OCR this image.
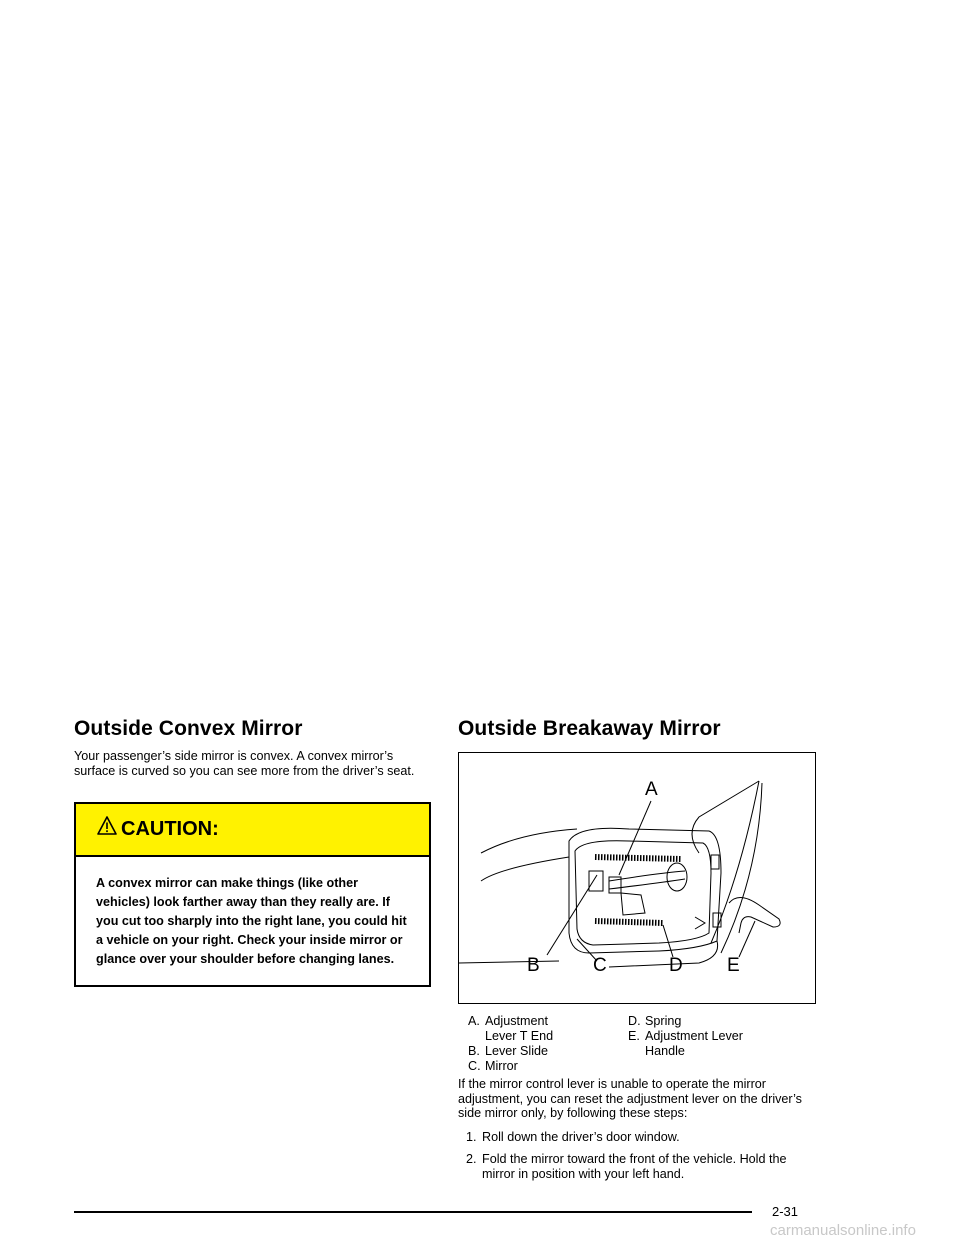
Outside Convex Mirror

Your passenger’s side mirror is convex. A convex mirror’s surface is curved so you can see more from the driver’s seat.

CAUTION:
A convex mirror can make things (like other vehicles) look farther away than they really are. If you cut too sharply into the right lane, you could hit a vehicle on your right. Check your inside mirror or glance over your shoulder before changing lanes.
Outside Breakaway Mirror
A
B	C	D E
A. Adjustment Lever T End
B. Lever Slide
C. Mirror
D. Spring
E. Adjustment Lever Handle

If the mirror control lever is unable to operate the mirror adjustment, you can reset the adjustment lever on the driver’s side mirror only, by following these steps:

1. Roll down the driver’s door window.
2. Fold the mirror toward the front of the vehicle. Hold the mirror in position with your left hand.
2-31
carmanualsonline.info
